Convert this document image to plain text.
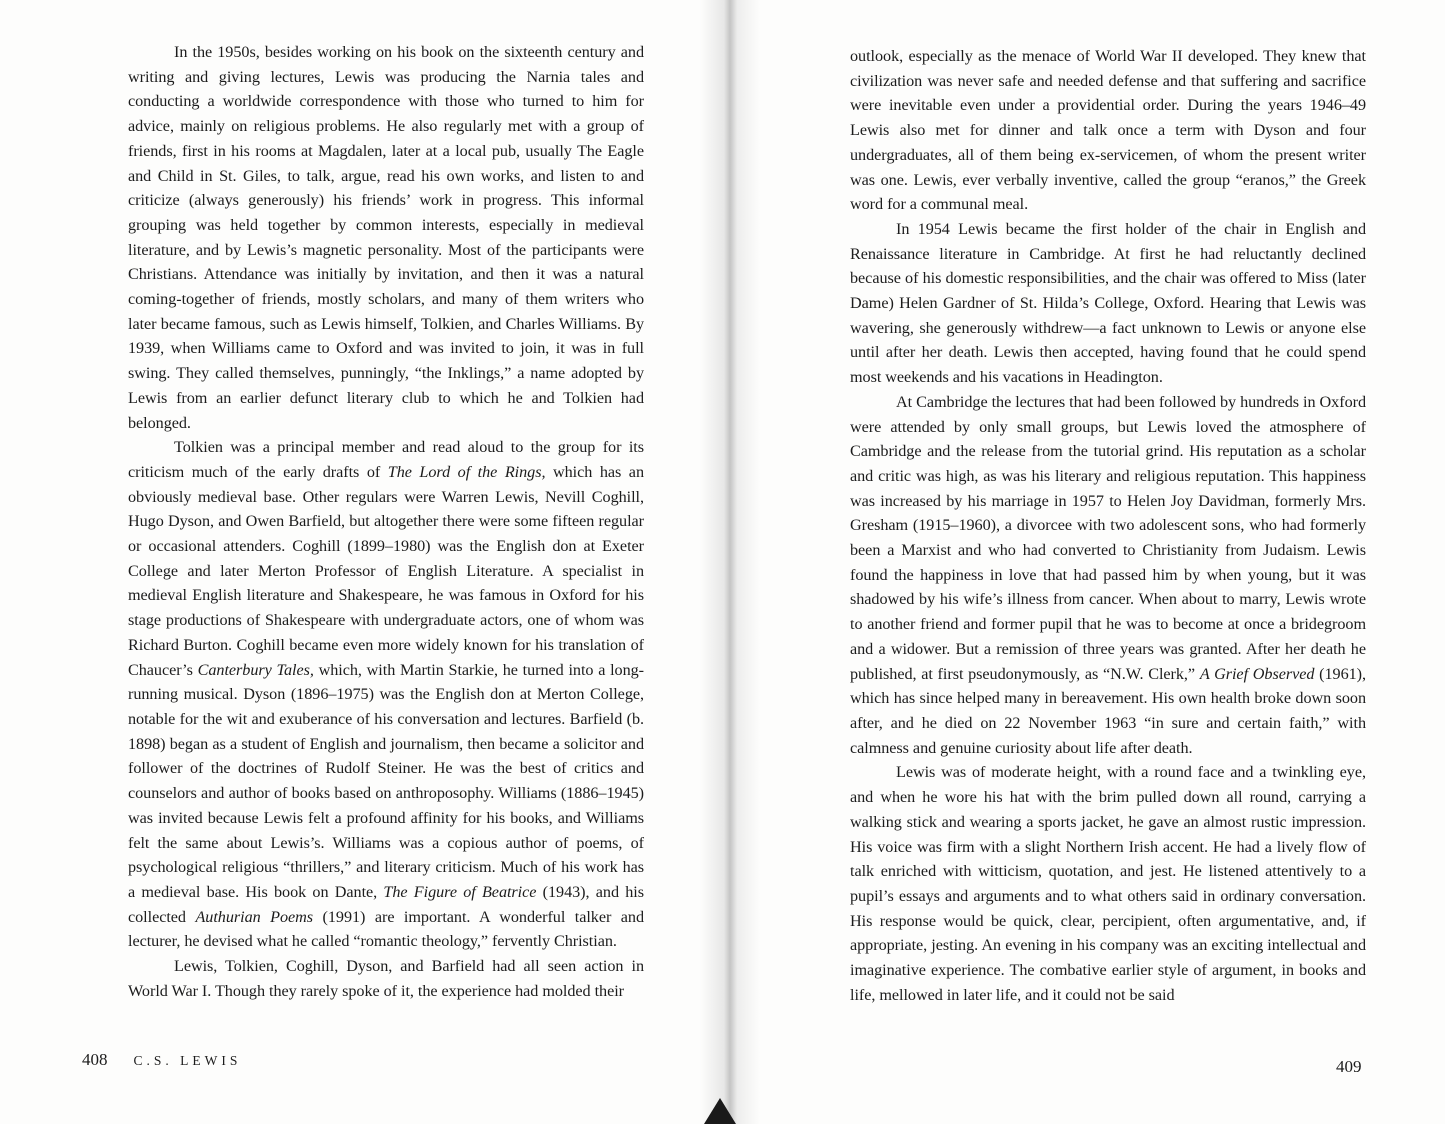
In the 1950s, besides working on his book on the sixteenth century and writing and giving lectures, Lewis was producing the Narnia tales and conducting a worldwide correspondence with those who turned to him for advice, mainly on religious problems. He also regularly met with a group of friends, first in his rooms at Magdalen, later at a local pub, usually The Eagle and Child in St. Giles, to talk, argue, read his own works, and listen to and criticize (always generously) his friends’ work in progress. This informal grouping was held together by common interests, especially in medieval literature, and by Lewis’s magnetic personality. Most of the participants were Christians. Attendance was initially by invitation, and then it was a natural coming-together of friends, mostly scholars, and many of them writers who later became famous, such as Lewis himself, Tolkien, and Charles Williams. By 1939, when Williams came to Oxford and was invited to join, it was in full swing. They called themselves, punningly, “the Inklings,” a name adopted by Lewis from an earlier defunct literary club to which he and Tolkien had belonged.

Tolkien was a principal member and read aloud to the group for its criticism much of the early drafts of The Lord of the Rings, which has an obviously medieval base. Other regulars were Warren Lewis, Nevill Coghill, Hugo Dyson, and Owen Barfield, but altogether there were some fifteen regular or occasional attenders. Coghill (1899–1980) was the English don at Exeter College and later Merton Professor of English Literature. A specialist in medieval English literature and Shakespeare, he was famous in Oxford for his stage productions of Shakespeare with undergraduate actors, one of whom was Richard Burton. Coghill became even more widely known for his translation of Chaucer’s Canterbury Tales, which, with Martin Starkie, he turned into a long-running musical. Dyson (1896–1975) was the English don at Merton College, notable for the wit and exuberance of his conversation and lectures. Barfield (b. 1898) began as a student of English and journalism, then became a solicitor and follower of the doctrines of Rudolf Steiner. He was the best of critics and counselors and author of books based on anthroposophy. Williams (1886–1945) was invited because Lewis felt a profound affinity for his books, and Williams felt the same about Lewis’s. Williams was a copious author of poems, of psychological religious “thrillers,” and literary criticism. Much of his work has a medieval base. His book on Dante, The Figure of Beatrice (1943), and his collected Authurian Poems (1991) are important. A wonderful talker and lecturer, he devised what he called “romantic theology,” fervently Christian.

Lewis, Tolkien, Coghill, Dyson, and Barfield had all seen action in World War I. Though they rarely spoke of it, the experience had molded their

408 C.S. LEWIS

outlook, especially as the menace of World War II developed. They knew that civilization was never safe and needed defense and that suffering and sacrifice were inevitable even under a providential order. During the years 1946–49 Lewis also met for dinner and talk once a term with Dyson and four undergraduates, all of them being ex-servicemen, of whom the present writer was one. Lewis, ever verbally inventive, called the group “eranos,” the Greek word for a communal meal.

In 1954 Lewis became the first holder of the chair in English and Renaissance literature in Cambridge. At first he had reluctantly declined because of his domestic responsibilities, and the chair was offered to Miss (later Dame) Helen Gardner of St. Hilda’s College, Oxford. Hearing that Lewis was wavering, she generously withdrew—a fact unknown to Lewis or anyone else until after her death. Lewis then accepted, having found that he could spend most weekends and his vacations in Headington.

At Cambridge the lectures that had been followed by hundreds in Oxford were attended by only small groups, but Lewis loved the atmosphere of Cambridge and the release from the tutorial grind. His reputation as a scholar and critic was high, as was his literary and religious reputation. This happiness was increased by his marriage in 1957 to Helen Joy Davidman, formerly Mrs. Gresham (1915–1960), a divorcee with two adolescent sons, who had formerly been a Marxist and who had converted to Christianity from Judaism. Lewis found the happiness in love that had passed him by when young, but it was shadowed by his wife’s illness from cancer. When about to marry, Lewis wrote to another friend and former pupil that he was to become at once a bridegroom and a widower. But a remission of three years was granted. After her death he published, at first pseudonymously, as “N.W. Clerk,” A Grief Observed (1961), which has since helped many in bereavement. His own health broke down soon after, and he died on 22 November 1963 “in sure and certain faith,” with calmness and genuine curiosity about life after death.

Lewis was of moderate height, with a round face and a twinkling eye, and when he wore his hat with the brim pulled down all round, carrying a walking stick and wearing a sports jacket, he gave an almost rustic impression. His voice was firm with a slight Northern Irish accent. He had a lively flow of talk enriched with witticism, quotation, and jest. He listened attentively to a pupil’s essays and arguments and to what others said in ordinary conversation. His response would be quick, clear, percipient, often argumentative, and, if appropriate, jesting. An evening in his company was an exciting intellectual and imaginative experience. The combative earlier style of argument, in books and life, mellowed in later life, and it could not be said

409
